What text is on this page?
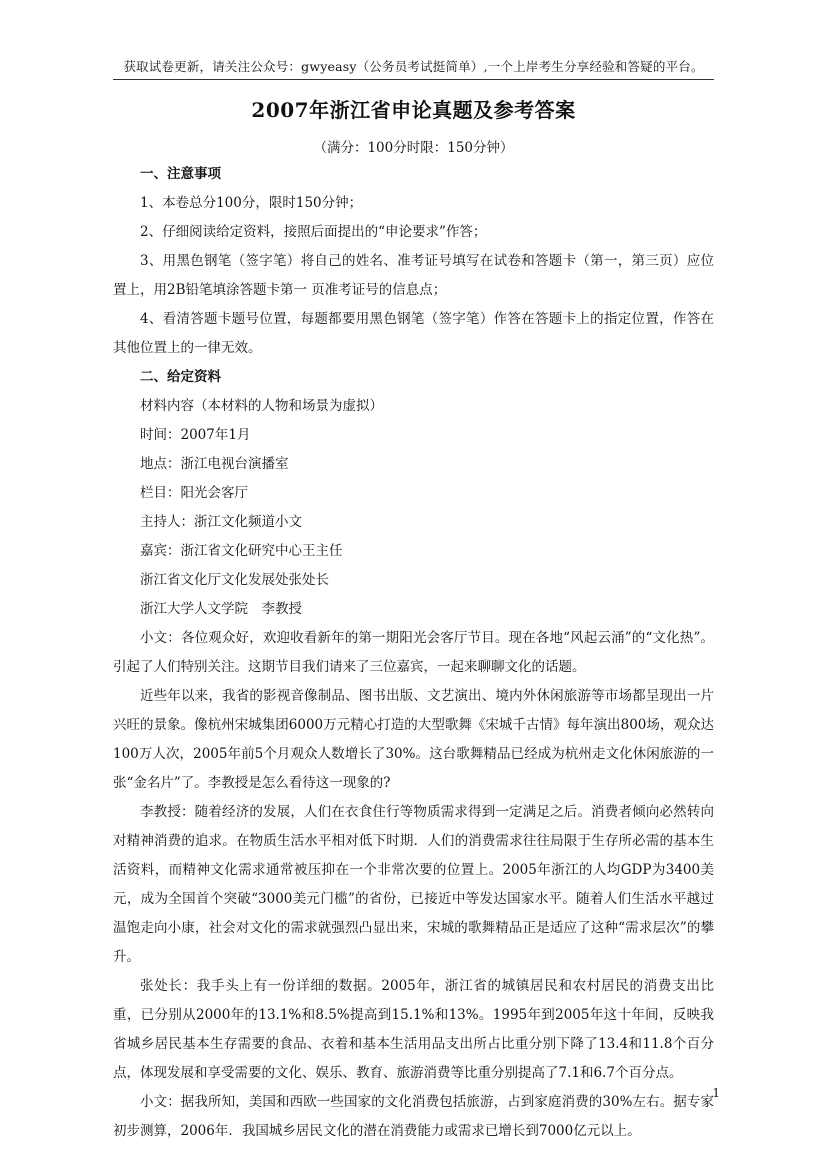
获取试卷更新，请关注公众号：gwyeasy（公务员考试挺简单）,一个上岸考生分享经验和答疑的平台。
2007年浙江省申论真题及参考答案
（满分：100分时限：150分钟）

一、注意事项

1、本卷总分100分，限时150分钟；

2、仔细阅读给定资料，接照后面提出的“申论要求”作答；

3、用黑色钢笔（签字笔）将自己的姓名、准考证号填写在试卷和答题卡（第一，第三页）应位置上，用2B铅笔填涂答题卡第一 页准考证号的信息点；

4、看清答题卡题号位置，每题都要用黑色钢笔（签字笔）作答在答题卡上的指定位置，作答在其他位置上的一律无效。

二、给定资料

材料内容（本材料的人物和场景为虚拟）

时间：2007年1月

地点：浙江电视台演播室

栏目：阳光会客厅

主持人：浙江文化频道小文

嘉宾：浙江省文化研究中心王主任

浙江省文化厅文化发展处张处长

浙江大学人文学院　李教授

小文：各位观众好，欢迎收看新年的第一期阳光会客厅节目。现在各地“风起云涌”的“文化热”。引起了人们特别关注。这期节目我们请来了三位嘉宾，一起来聊聊文化的话题。

近些年以来，我省的影视音像制品、图书出版、文艺演出、境内外休闲旅游等市场都呈现出一片兴旺的景象。像杭州宋城集团6000万元精心打造的大型歌舞《宋城千古情》每年演出800场，观众达100万人次，2005年前5个月观众人数增长了30%。这台歌舞精品已经成为杭州走文化休闲旅游的一张“金名片”了。李教授是怎么看待这一现象的?

李教授：随着经济的发展，人们在衣食住行等物质需求得到一定满足之后。消费者倾向必然转向对精神消费的追求。在物质生活水平相对低下时期．人们的消费需求往往局限于生存所必需的基本生活资料，而精神文化需求通常被压抑在一个非常次要的位置上。2005年浙江的人均GDP为3400美元，成为全国首个突破“3000美元门槛”的省份，已接近中等发达国家水平。随着人们生活水平越过温饱走向小康，社会对文化的需求就强烈凸显出来，宋城的歌舞精品正是适应了这种“需求层次”的攀升。

张处长：我手头上有一份详细的数据。2005年，浙江省的城镇居民和农村居民的消费支出比重，已分别从2000年的13.1%和8.5%提高到15.1%和13%。1995年到2005年这十年间，反映我省城乡居民基本生存需要的食品、衣着和基本生活用品支出所占比重分别下降了13.4和11.8个百分点，体现发展和享受需要的文化、娱乐、教育、旅游消费等比重分别提高了7.1和6.7个百分点。

小文：据我所知，美国和西欧一些国家的文化消费包括旅游，占到家庭消费的30%左右。据专家初步测算，2006年．我国城乡居民文化的潜在消费能力或需求已增长到7000亿元以上。

1
